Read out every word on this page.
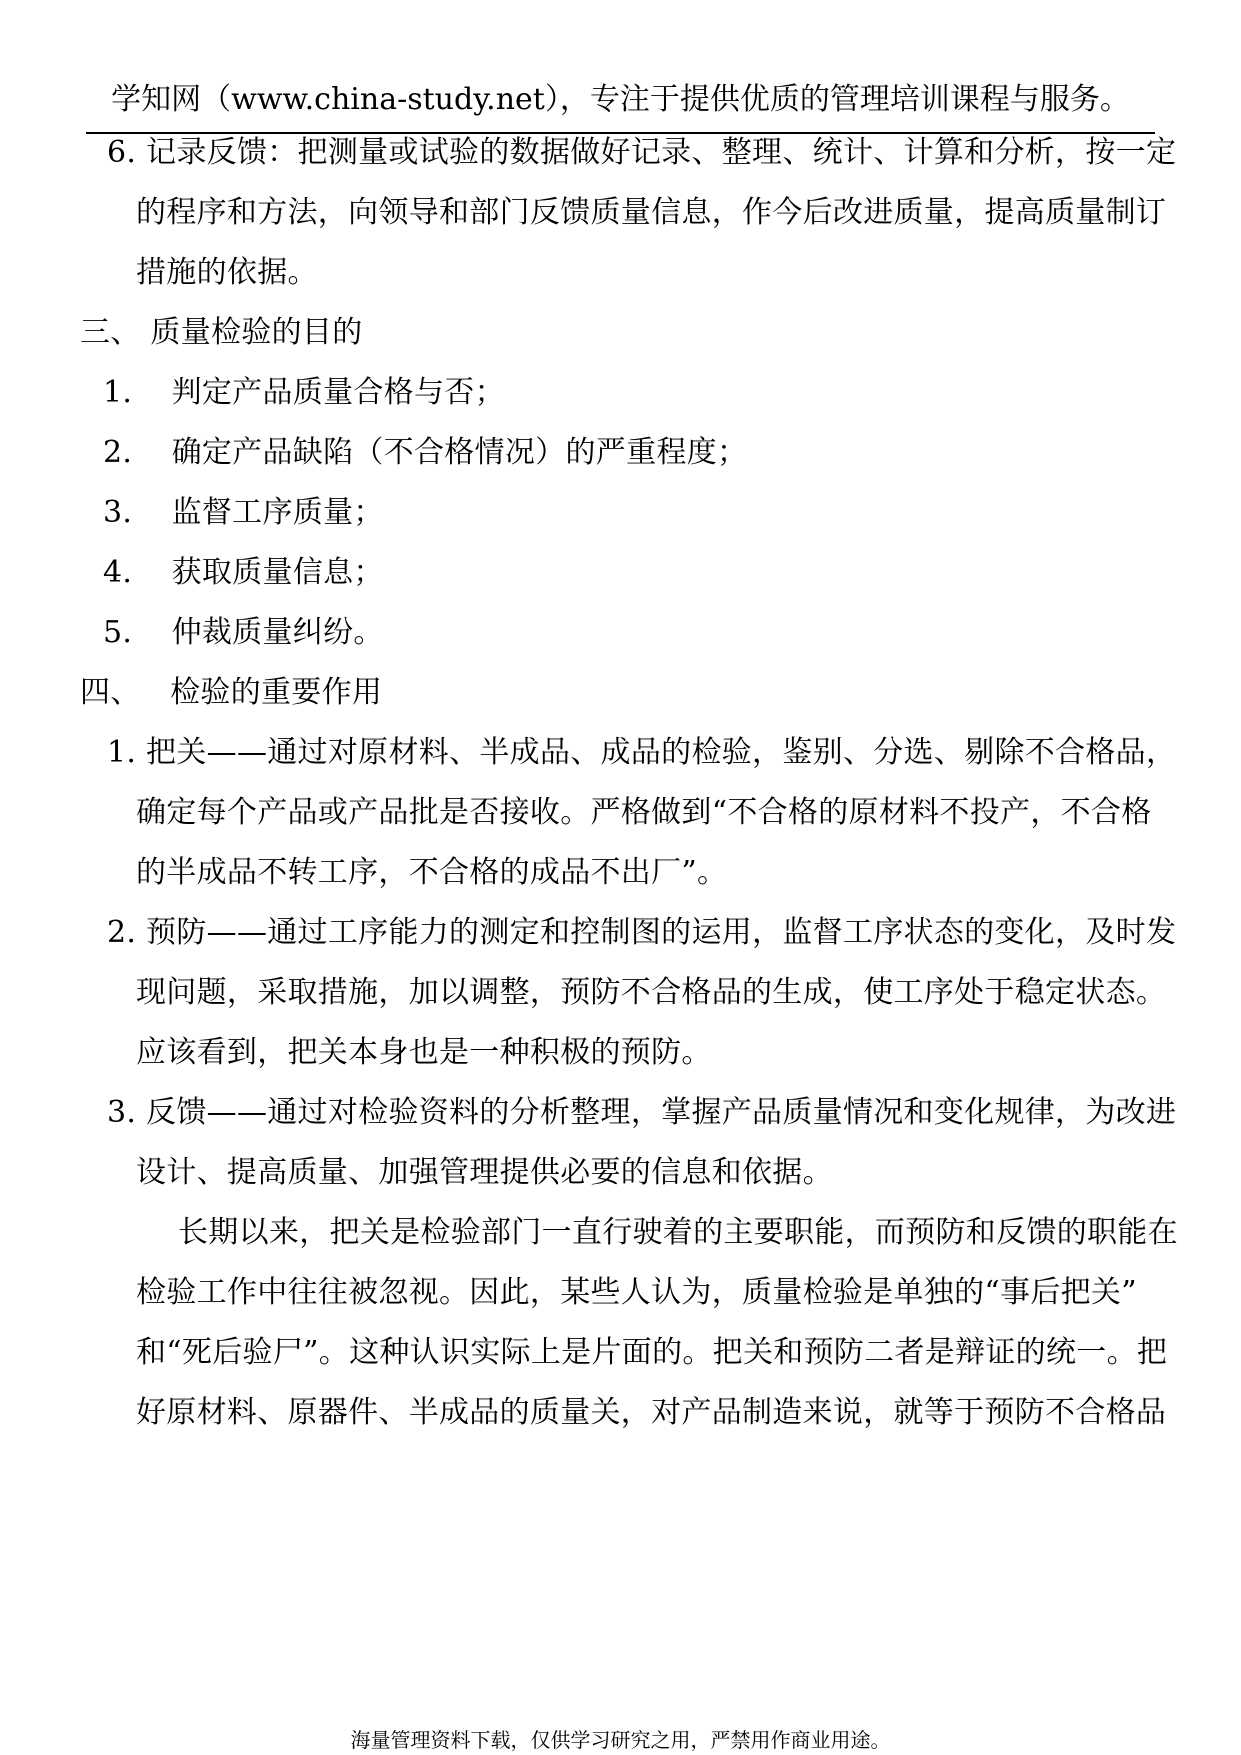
学知网（www.china-study.net），专注于提供优质的管理培训课程与服务。
6. 记录反馈：把测量或试验的数据做好记录、整理、统计、计算和分析，按一定
的程序和方法，向领导和部门反馈质量信息，作今后改进质量，提高质量制订
措施的依据。
三、 质量检验的目的
1.    判定产品质量合格与否；
2.    确定产品缺陷（不合格情况）的严重程度；
3.    监督工序质量；
4.    获取质量信息；
5.    仲裁质量纠纷。
四、   检验的重要作用
1. 把关——通过对原材料、半成品、成品的检验，鉴别、分选、剔除不合格品，
确定每个产品或产品批是否接收。严格做到“不合格的原材料不投产，不合格
的半成品不转工序，不合格的成品不出厂”。
2. 预防——通过工序能力的测定和控制图的运用，监督工序状态的变化，及时发
现问题，采取措施，加以调整，预防不合格品的生成，使工序处于稳定状态。
应该看到，把关本身也是一种积极的预防。
3. 反馈——通过对检验资料的分析整理，掌握产品质量情况和变化规律，为改进
设计、提高质量、加强管理提供必要的信息和依据。
长期以来，把关是检验部门一直行驶着的主要职能，而预防和反馈的职能在
检验工作中往往被忽视。因此，某些人认为，质量检验是单独的“事后把关”
和“死后验尸”。这种认识实际上是片面的。把关和预防二者是辩证的统一。把
好原材料、原器件、半成品的质量关，对产品制造来说，就等于预防不合格品
海量管理资料下载，仅供学习研究之用，严禁用作商业用途。
